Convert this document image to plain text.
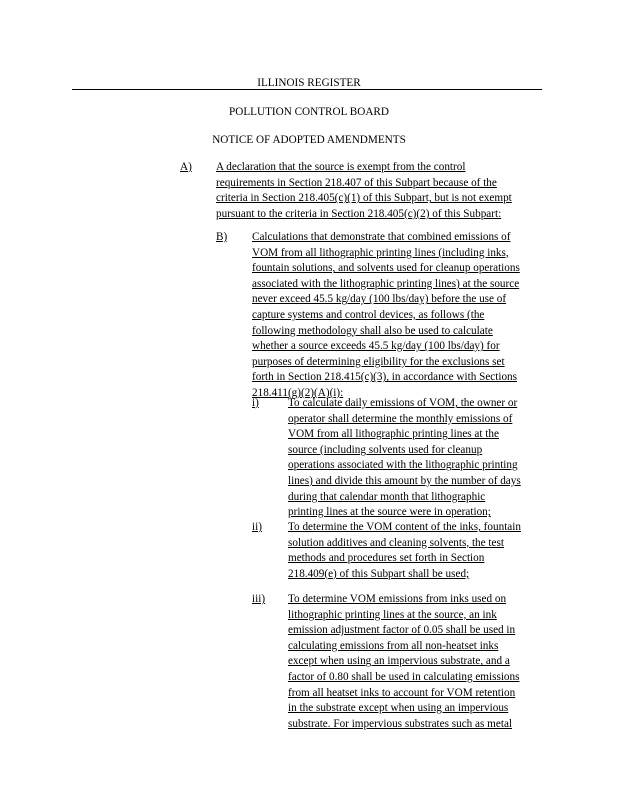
ILLINOIS REGISTER
POLLUTION CONTROL BOARD
NOTICE OF ADOPTED AMENDMENTS
A) A declaration that the source is exempt from the control
requirements in Section 218.407 of this Subpart because of the
criteria in Section 218.405(c)(1) of this Subpart, but is not exempt
pursuant to the criteria in Section 218.405(c)(2) of this Subpart:
B) Calculations that demonstrate that combined emissions of
VOM from all lithographic printing lines (including inks,
fountain solutions, and solvents used for cleanup operations
associated with the lithographic printing lines) at the source
never exceed 45.5 kg/day (100 lbs/day) before the use of
capture systems and control devices, as follows (the
following methodology shall also be used to calculate
whether a source exceeds 45.5 kg/day (100 lbs/day) for
purposes of determining eligibility for the exclusions set
forth in Section 218.415(c)(3), in accordance with Sections
218.411(g)(2)(A)(i):
i)	To calculate daily emissions of VOM, the owner or
operator shall determine the monthly emissions of
VOM from all lithographic printing lines at the
source (including solvents used for cleanup
operations associated with the lithographic printing
lines) and divide this amount by the number of days
during that calendar month that lithographic
printing lines at the source were in operation;
ii) To determine the VOM content of the inks, fountain
solution additives and cleaning solvents, the test
methods and procedures set forth in Section
218.409(e) of this Subpart shall be used;
iii) To determine VOM emissions from inks used on
lithographic printing lines at the source, an ink
emission adjustment factor of 0.05 shall be used in
calculating emissions from all non-heatset inks
except when using an impervious substrate, and a
factor of 0.80 shall be used in calculating emissions
from all heatset inks to account for VOM retention
in the substrate except when using an impervious
substrate. For impervious substrates such as metal
